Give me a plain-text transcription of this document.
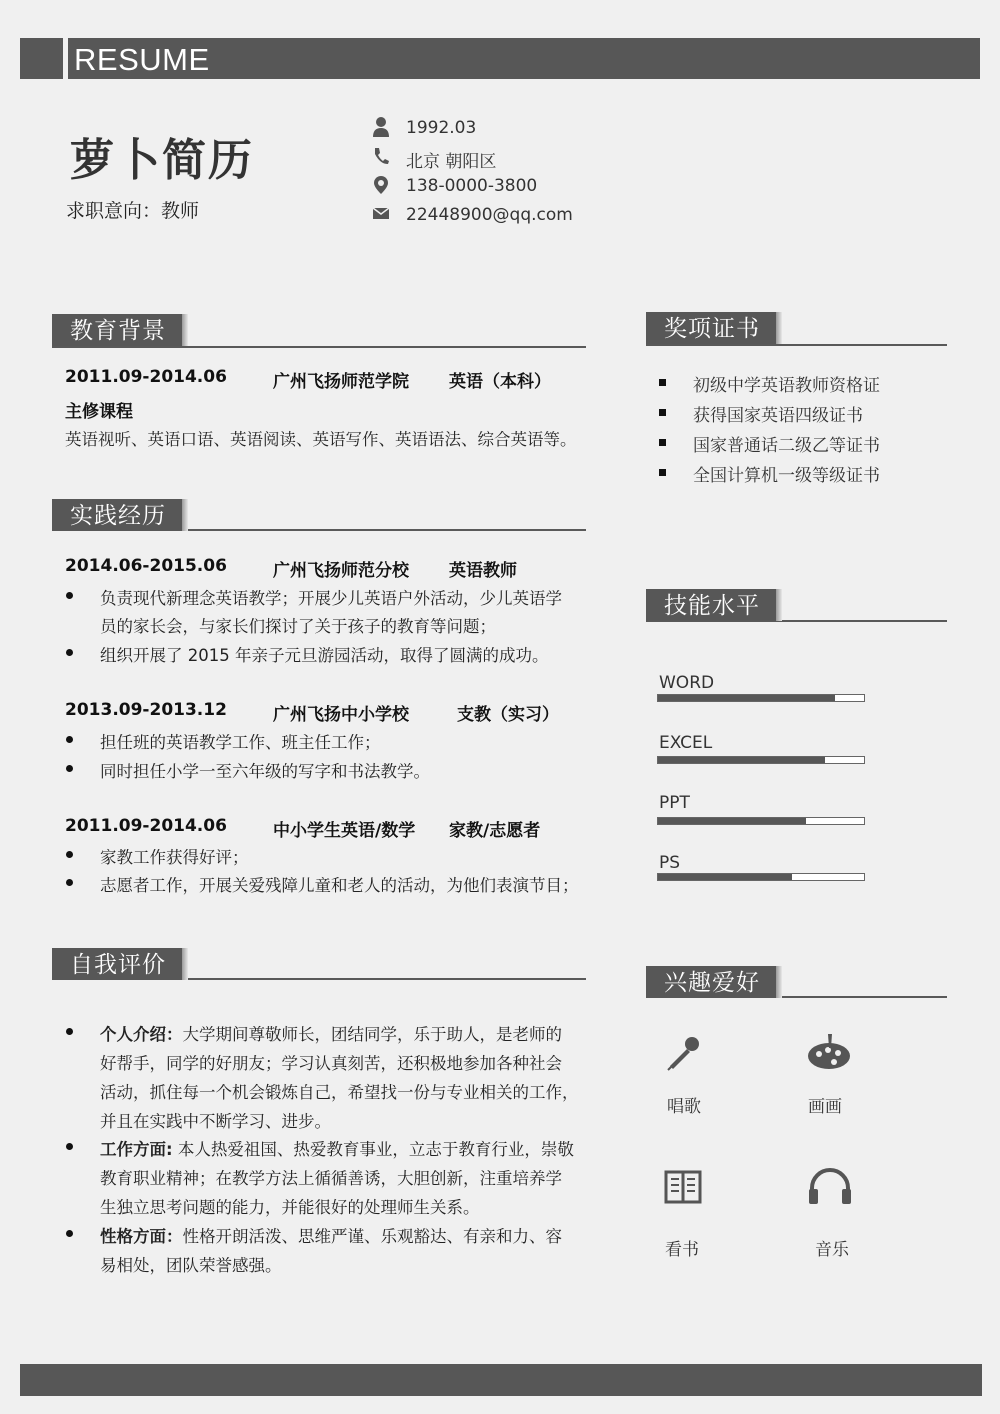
RESUME
萝卜简历
求职意向：教师
1992.03
北京 朝阳区
138-0000-3800
22448900@qq.com
教育背景
2011.09-2014.06	广州飞扬师范学院 英语（本科）
主修课程
英语视听、英语口语、英语阅读、英语写作、英语语法、综合英语等。
实践经历
2014.06-2015.06	广州飞扬师范分校 英语教师
负责现代新理念英语教学；开展少儿英语户外活动，少儿英语学
员的家长会，与家长们探讨了关于孩子的教育等问题；
组织开展了 2015 年亲子元旦游园活动，取得了圆满的成功。
2013.09-2013.12	广州飞扬中小学校	支教（实习）
担任班的英语教学工作、班主任工作；
同时担任小学一至六年级的写字和书法教学。
2011.09-2014.06	中小学生英语/数学 家教/志愿者
家教工作获得好评；
志愿者工作，开展关爱残障儿童和老人的活动，为他们表演节目；
自我评价
个人介绍：大学期间尊敬师长，团结同学，乐于助人，是老师的
好帮手，同学的好朋友；学习认真刻苦，还积极地参加各种社会
活动，抓住每一个机会锻炼自己，希望找一份与专业相关的工作，
并且在实践中不断学习、进步。
工作方面: 本人热爱祖国、热爱教育事业，立志于教育行业，崇敬
教育职业精神；在教学方法上循循善诱，大胆创新，注重培养学
生独立思考问题的能力，并能很好的处理师生关系。
性格方面：性格开朗活泼、思维严谨、乐观豁达、有亲和力、容
易相处，团队荣誉感强。
奖项证书
初级中学英语教师资格证
获得国家英语四级证书
国家普通话二级乙等证书
全国计算机一级等级证书
技能水平
WORD
EXCEL
PPT
PS
兴趣爱好
唱歌	画画
看书	音乐
